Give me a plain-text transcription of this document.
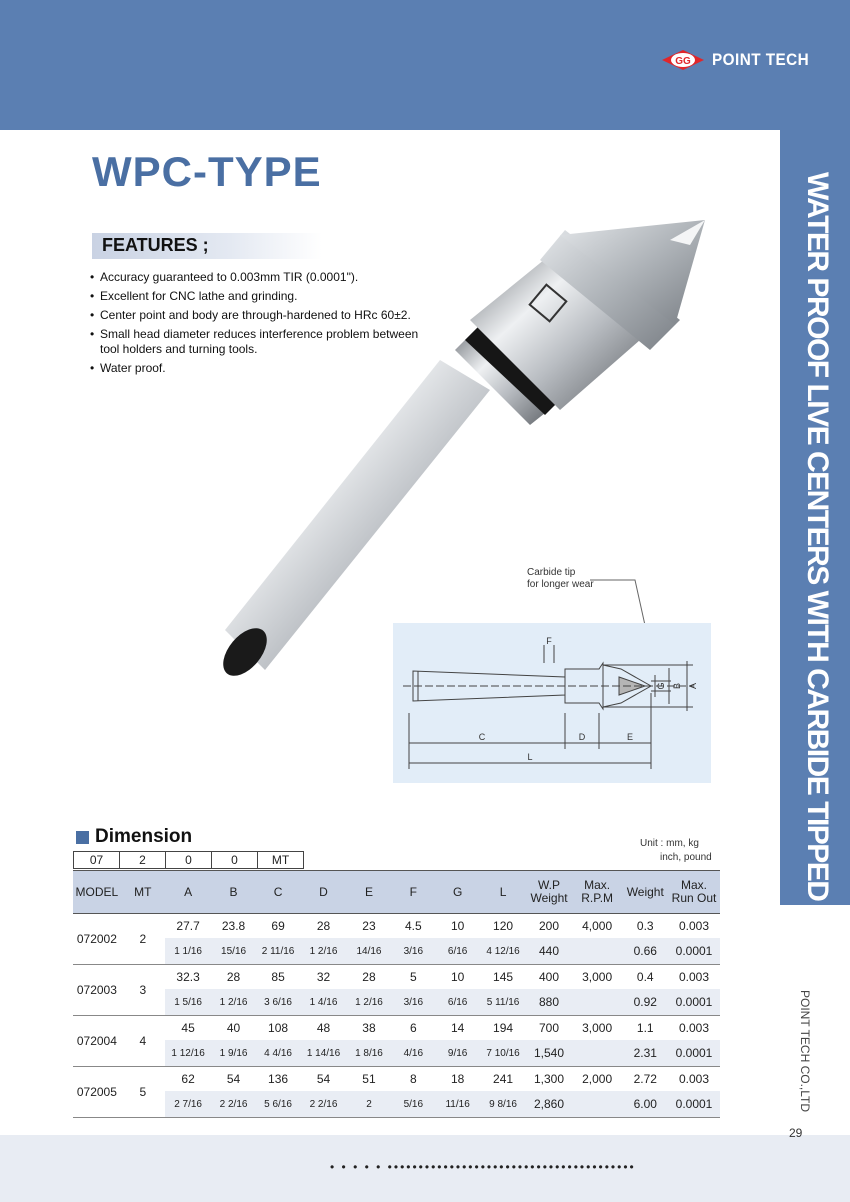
GG POINT TECH
WPC-TYPE
FEATURES ;
• Accuracy guaranteed to 0.003mm TIR (0.0001").
• Excellent for CNC lathe and grinding.
• Center point and body are through-hardened to HRc 60±2.
• Small head diameter reduces interference problem between tool holders and turning tools.
• Water proof.	WATER PROOF LIVE CENTERS WITH CARBIDE TIPPED POINT
POINT TECH CO.,LTD
Carbide tip
for longer wear
F
G B A
C	D	E
L
Dimension	Unit : mm, kg
inch, pound
07	2	0	0	MT
MODEL	MT	A	B	C	D	E	F	G	L	W.P Weight	Max. R.P.M	Weight	Max. Run Out
072002	2	27.7	23.8	69	28	23	4.5	10	120	200	4,000	0.3	0.003
		1 1/16	15/16	2 11/16	1 2/16	14/16	3/16	6/16	4 12/16	440		0.66	0.0001
072003	3	32.3	28	85	32	28	5	10	145	400	3,000	0.4	0.003
		1 5/16	1 2/16	3 6/16	1 4/16	1 2/16	3/16	6/16	5 11/16	880		0.92	0.0001
072004	4	45	40	108	48	38	6	14	194	700	3,000	1.1	0.003
		1 12/16	1 9/16	4 4/16	1 14/16	1 8/16	4/16	9/16	7 10/16	1,540		2.31	0.0001
072005	5	62	54	136	54	51	8	18	241	1,300	2,000	2.72	0.003
		2 7/16	2 2/16	5 6/16	2 2/16	2	5/16	11/16	9 8/16	2,860		6.00	0.0001
29
• • • • • ••••••••••••••••••••••••••••••••••••••••
